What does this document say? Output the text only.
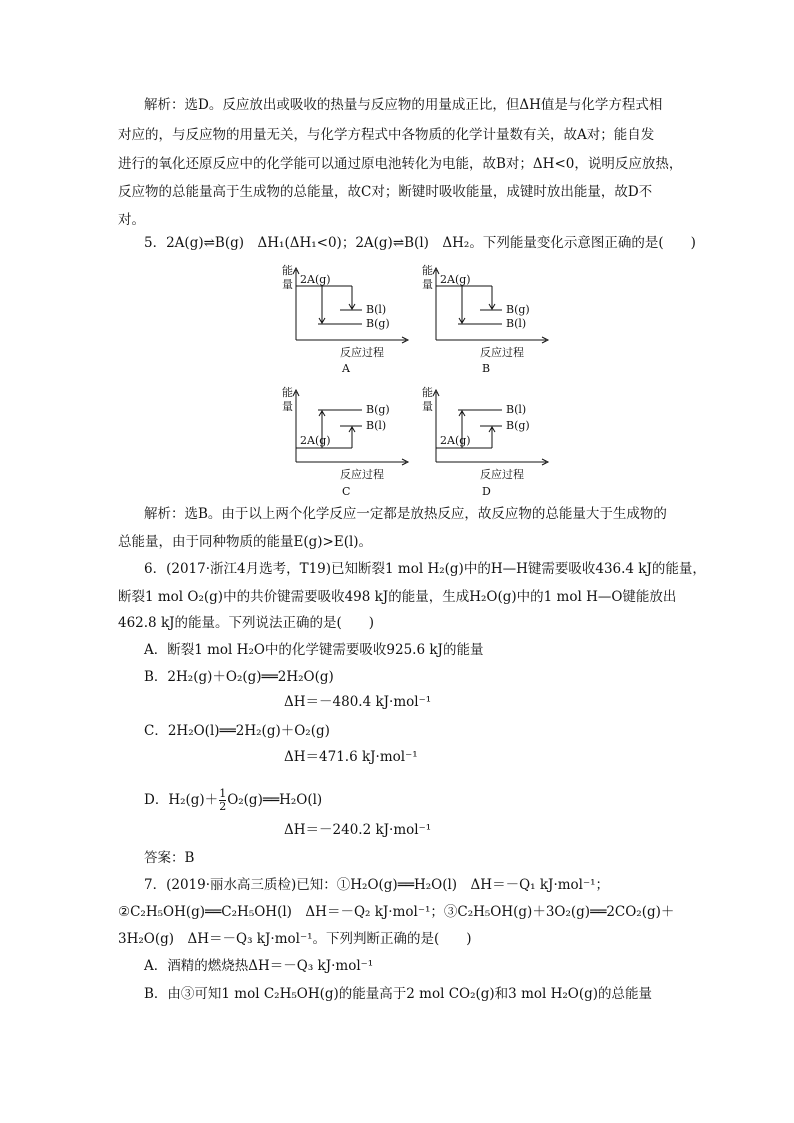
解析：选D。反应放出或吸收的热量与反应物的用量成正比，但ΔH值是与化学方程式相
对应的，与反应物的用量无关，与化学方程式中各物质的化学计量数有关，故A对；能自发
进行的氧化还原反应中的化学能可以通过原电池转化为电能，故B对；ΔH<0，说明反应放热，
反应物的总能量高于生成物的总能量，故C对；断键时吸收能量，成键时放出能量，故D不
对。
5．2A(g)⇌B(g)　ΔH₁(ΔH₁<0)；2A(g)⇌B(l)　ΔH₂。下列能量变化示意图正确的是(　　)
能
量 2A(g)
B(l)
B(g)
反应过程
A
能
量 2A(g)
B(g)
B(l)
反应过程
B
能
量
2A(g)
B(g)
B(l)
反应过程
C
能
量
2A(g)
B(l)
B(g)
反应过程
D
解析：选B。由于以上两个化学反应一定都是放热反应，故反应物的总能量大于生成物的
总能量，由于同种物质的能量E(g)>E(l)。
6．(2017·浙江4月选考，T19)已知断裂1 mol H₂(g)中的H—H键需要吸收436.4 kJ的能量，
断裂1 mol O₂(g)中的共价键需要吸收498 kJ的能量，生成H₂O(g)中的1 mol H—O键能放出
462.8 kJ的能量。下列说法正确的是(　　)
A．断裂1 mol H₂O中的化学键需要吸收925.6 kJ的能量
B．2H₂(g)＋O₂(g)══2H₂O(g)
ΔH＝－480.4 kJ·mol⁻¹
C．2H₂O(l)══2H₂(g)＋O₂(g)
ΔH＝471.6 kJ·mol⁻¹
D．$H_2(g)+ \frac{1}{2}$ O₂(g)══H₂O(l)
ΔH＝－240.2 kJ·mol⁻¹
答案：B
7．(2019·丽水高三质检)已知：①H₂O(g)══H₂O(l)　ΔH＝－Q₁ kJ·mol⁻¹；
②C₂H₅OH(g)══C₂H₅OH(l)　ΔH＝－Q₂ kJ·mol⁻¹；③C₂H₅OH(g)＋3O₂(g)══2CO₂(g)＋
3H₂O(g)　ΔH＝－Q₃ kJ·mol⁻¹。下列判断正确的是(　　)
A．酒精的燃烧热ΔH＝－Q₃ kJ·mol⁻¹
B．由③可知1 mol C₂H₅OH(g)的能量高于2 mol CO₂(g)和3 mol H₂O(g)的总能量
